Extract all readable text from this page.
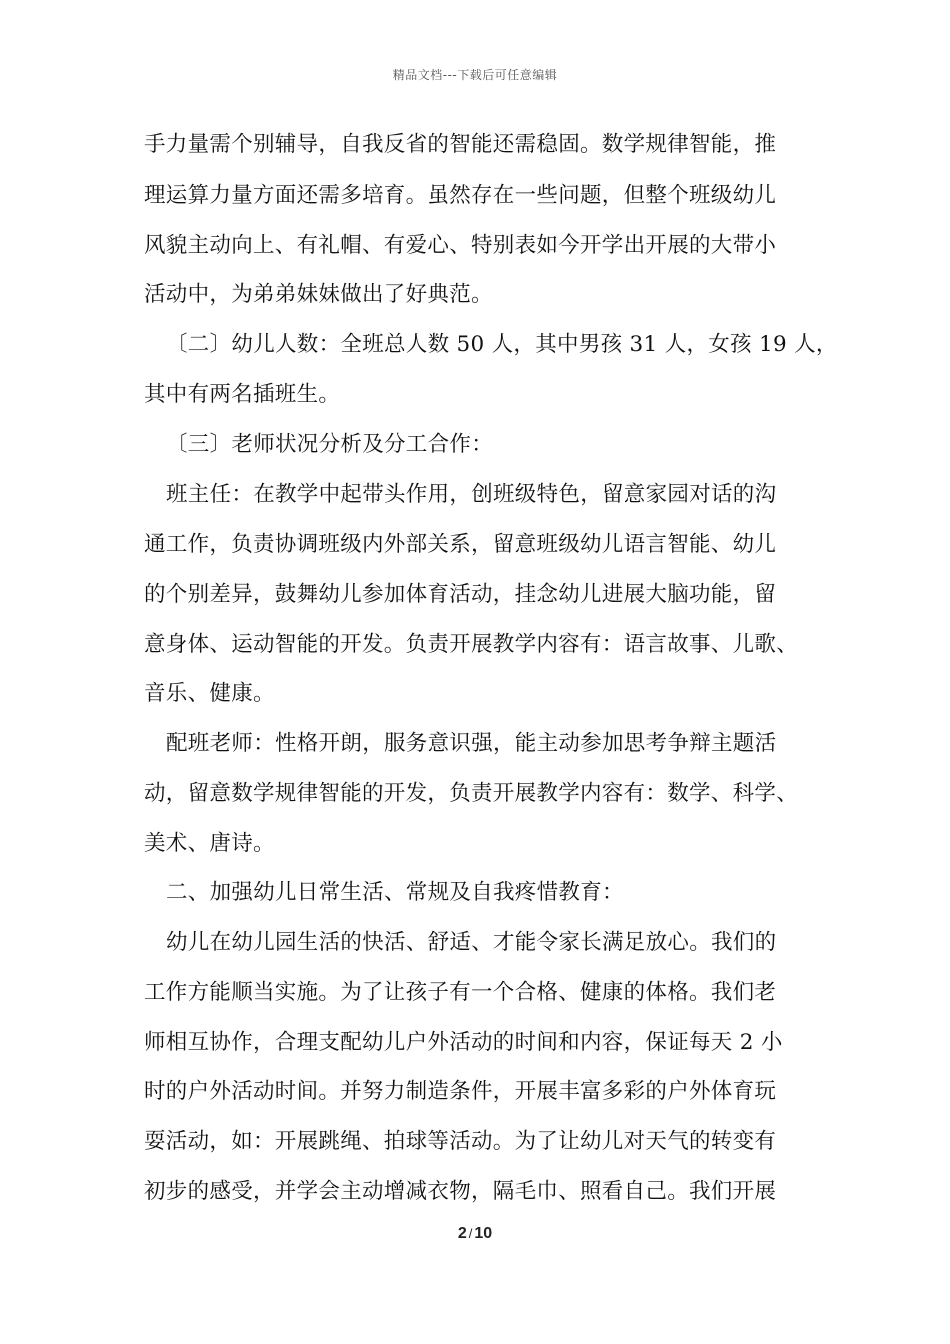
精品文档---下载后可任意编辑
手力量需个别辅导，自我反省的智能还需稳固。数学规律智能，推
理运算力量方面还需多培育。虽然存在一些问题，但整个班级幼儿
风貌主动向上、有礼帽、有爱心、特别表如今开学出开展的大带小
活动中，为弟弟妹妹做出了好典范。
〔二〕幼儿人数：全班总人数 50 人，其中男孩 31 人，女孩 19 人，
其中有两名插班生。
〔三〕老师状况分析及分工合作：
班主任：在教学中起带头作用，创班级特色，留意家园对话的沟
通工作，负责协调班级内外部关系，留意班级幼儿语言智能、幼儿
的个别差异，鼓舞幼儿参加体育活动，挂念幼儿进展大脑功能，留
意身体、运动智能的开发。负责开展教学内容有：语言故事、儿歌、
音乐、健康。
配班老师：性格开朗，服务意识强，能主动参加思考争辩主题活
动，留意数学规律智能的开发，负责开展教学内容有：数学、科学、
美术、唐诗。
二、加强幼儿日常生活、常规及自我疼惜教育：
幼儿在幼儿园生活的快活、舒适、才能令家长满足放心。我们的
工作方能顺当实施。为了让孩子有一个合格、健康的体格。我们老
师相互协作，合理支配幼儿户外活动的时间和内容，保证每天 2 小
时的户外活动时间。并努力制造条件，开展丰富多彩的户外体育玩
耍活动，如：开展跳绳、拍球等活动。为了让幼儿对天气的转变有
初步的感受，并学会主动增减衣物，隔毛巾、照看自己。我们开展
2 / 10
